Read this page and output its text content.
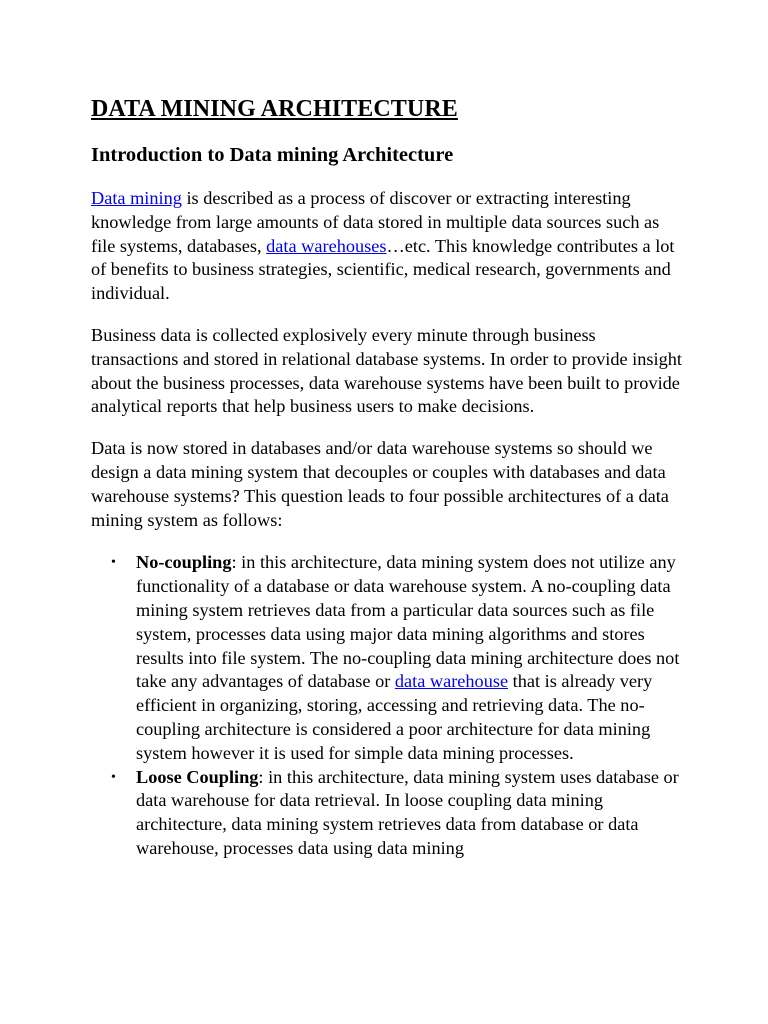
DATA MINING ARCHITECTURE
Introduction to Data mining Architecture

Data mining is described as a process of discover or extracting interesting knowledge from large amounts of data stored in multiple data sources such as file systems, databases, data warehouses…etc. This knowledge contributes a lot of benefits to business strategies, scientific, medical research, governments and individual.

Business data is collected explosively every minute through business transactions and stored in relational database systems. In order to provide insight about the business processes, data warehouse systems have been built to provide analytical reports that help business users to make decisions.

Data is now stored in databases and/or data warehouse systems so should we design a data mining system that decouples or couples with databases and data warehouse systems? This question leads to four possible architectures of a data mining system as follows:

• No-coupling: in this architecture, data mining system does not utilize any functionality of a database or data warehouse system. A no-coupling data mining system retrieves data from a particular data sources such as file system, processes data using major data mining algorithms and stores results into file system. The no-coupling data mining architecture does not take any advantages of database or data warehouse that is already very efficient in organizing, storing, accessing and retrieving data. The no-coupling architecture is considered a poor architecture for data mining system however it is used for simple data mining processes.
• Loose Coupling: in this architecture, data mining system uses database or data warehouse for data retrieval. In loose coupling data mining architecture, data mining system retrieves data from database or data warehouse, processes data using data mining
